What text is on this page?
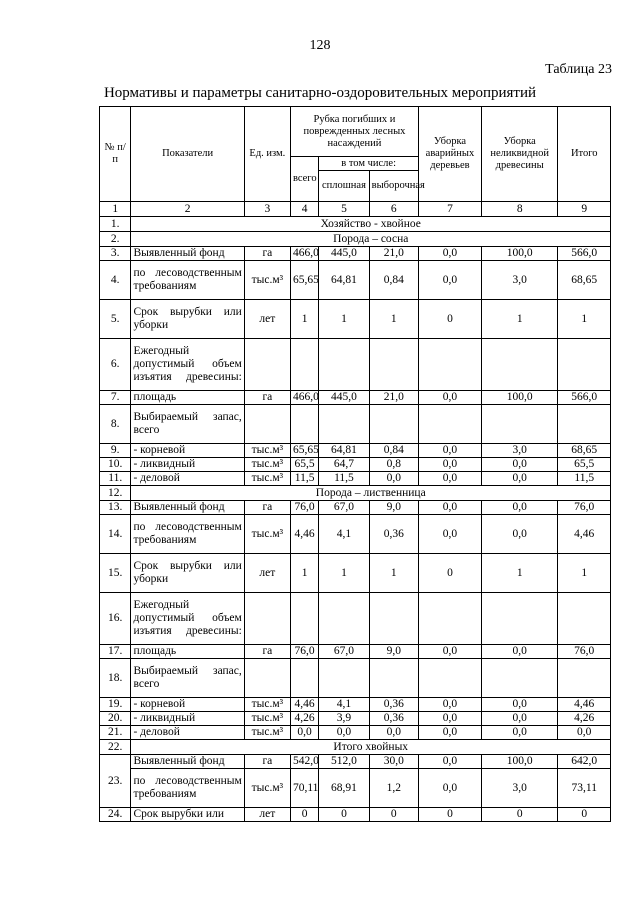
128
Таблица 23
Нормативы и параметры санитарно-оздоровительных мероприятий
№ п/п	Показатели	Ед. изм.	Рубка погибших и поврежденных лесных насаждений			Уборка аварийных деревьев	Уборка неликвидной древесины	Итого
			всего	в том числе:				
				сплошная	выборочная			
1	2	3	4	5	6	7	8	9
1.	Хозяйство - хвойное							
2.	Порода – сосна							
3.	Выявленный фонд	га	466,0	445,0	21,0	0,0	100,0	566,0
4.	по лесоводственным требованиям	тыс.м³	65,65	64,81	0,84	0,0	3,0	68,65
5.	Срок вырубки или уборки	лет	1	1	1	0	1	1
6.	Ежегодный допустимый объем изъятия древесины:							
7.	площадь	га	466,0	445,0	21,0	0,0	100,0	566,0
8.	Выбираемый запас, всего							
9.	- корневой	тыс.м³	65,65	64,81	0,84	0,0	3,0	68,65
10.	- ликвидный	тыс.м³	65,5	64,7	0,8	0,0	0,0	65,5
11.	- деловой	тыс.м³	11,5	11,5	0,0	0,0	0,0	11,5
12.	Порода – лиственница							
13.	Выявленный фонд	га	76,0	67,0	9,0	0,0	0,0	76,0
14.	по лесоводственным требованиям	тыс.м³	4,46	4,1	0,36	0,0	0,0	4,46
15.	Срок вырубки или уборки	лет	1	1	1	0	1	1
16.	Ежегодный допустимый объем изъятия древесины:							
17.	площадь	га	76,0	67,0	9,0	0,0	0,0	76,0
18.	Выбираемый запас, всего							
19.	- корневой	тыс.м³	4,46	4,1	0,36	0,0	0,0	4,46
20.	- ликвидный	тыс.м³	4,26	3,9	0,36	0,0	0,0	4,26
21.	- деловой	тыс.м³	0,0	0,0	0,0	0,0	0,0	0,0
22.	Итого хвойных							
23.	Выявленный фонд	га	542,0	512,0	30,0	0,0	100,0	642,0
	по лесоводственным требованиям	тыс.м³	70,11	68,91	1,2	0,0	3,0	73,11
24.	Срок вырубки или	лет	0	0	0	0	0	0
